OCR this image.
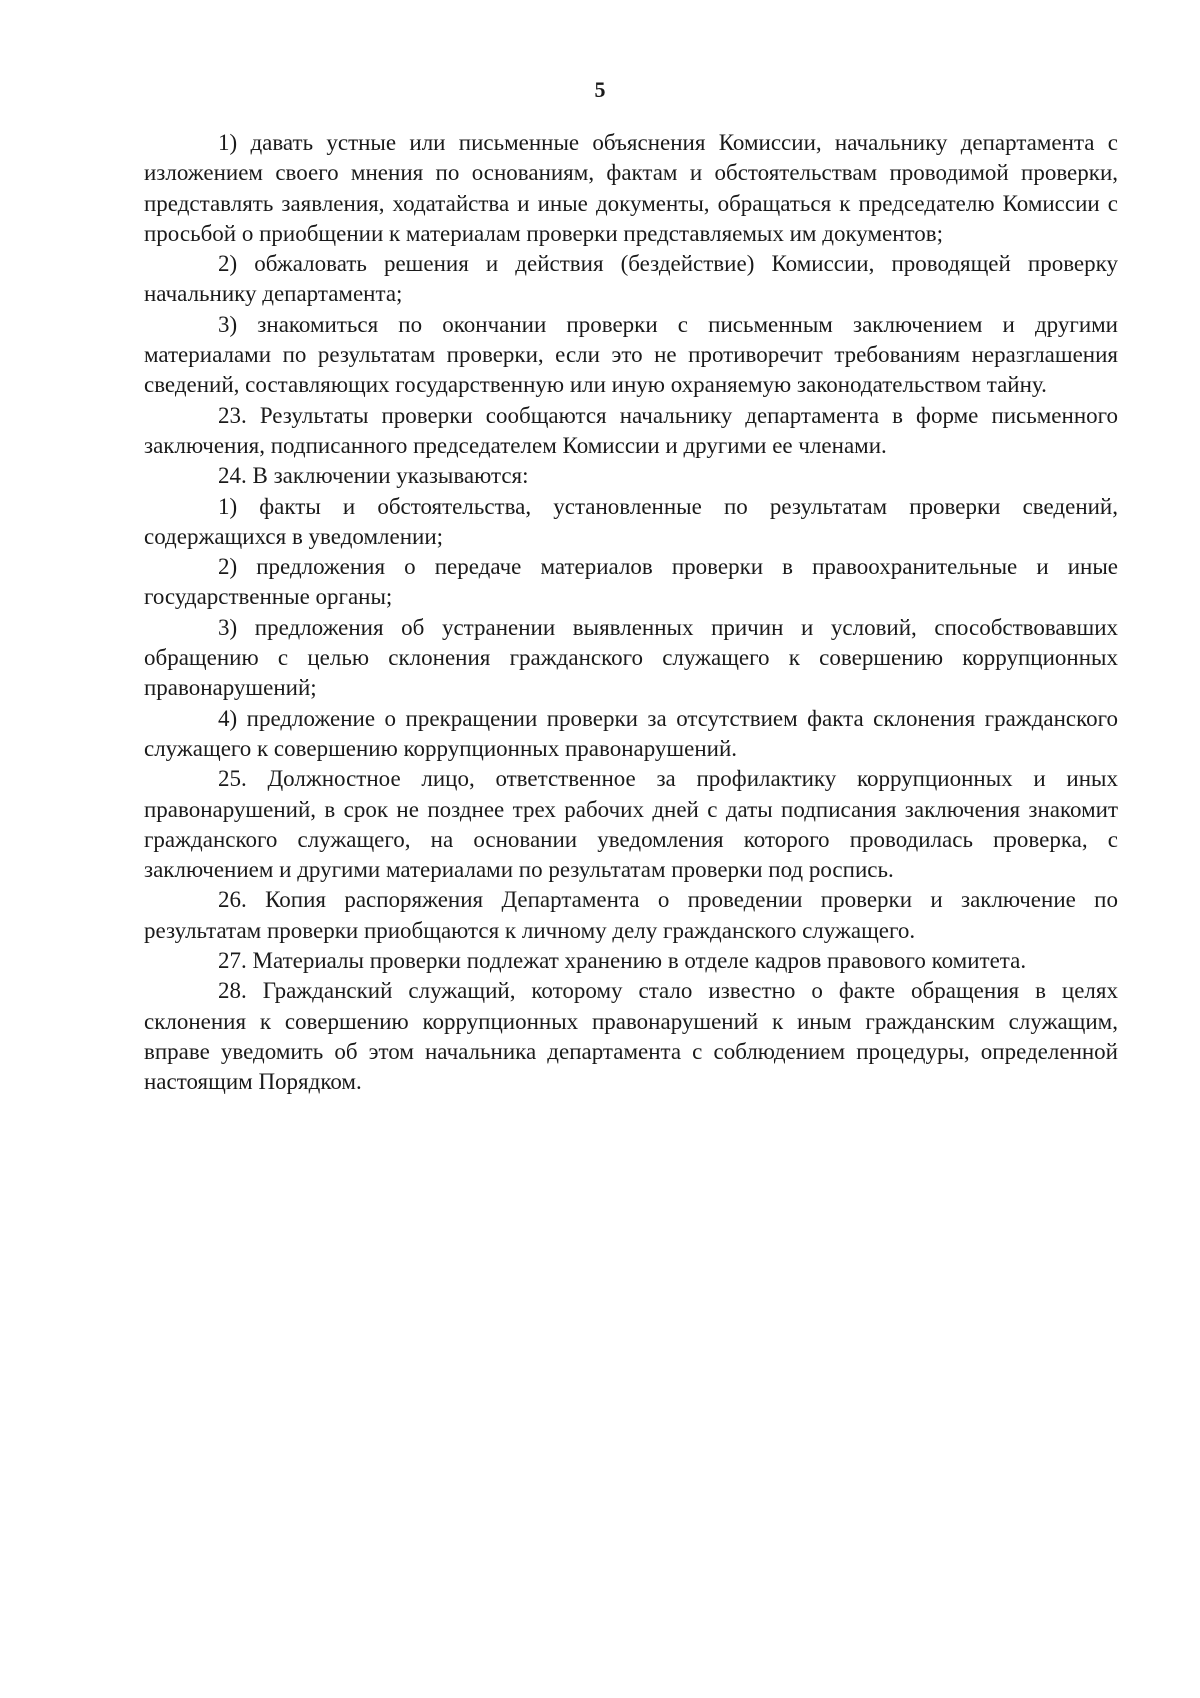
5

1) давать устные или письменные объяснения Комиссии, начальнику департамента с изложением своего мнения по основаниям, фактам и обстоятельствам проводимой проверки, представлять заявления, ходатайства и иные документы, обращаться к председателю Комиссии с просьбой о приобщении к материалам проверки представляемых им документов;

2) обжаловать решения и действия (бездействие) Комиссии, проводящей проверку начальнику департамента;

3) знакомиться по окончании проверки с письменным заключением и другими материалами по результатам проверки, если это не противоречит требованиям неразглашения сведений, составляющих государственную или иную охраняемую законодательством тайну.

23. Результаты проверки сообщаются начальнику департамента в форме письменного заключения, подписанного председателем Комиссии и другими ее членами.

24. В заключении указываются:

1) факты и обстоятельства, установленные по результатам проверки сведений, содержащихся в уведомлении;

2) предложения о передаче материалов проверки в правоохранительные и иные государственные органы;

3) предложения об устранении выявленных причин и условий, способствовавших обращению с целью склонения гражданского служащего к совершению коррупционных правонарушений;

4) предложение о прекращении проверки за отсутствием факта склонения гражданского служащего к совершению коррупционных правонарушений.

25. Должностное лицо, ответственное за профилактику коррупционных и иных правонарушений, в срок не позднее трех рабочих дней с даты подписания заключения знакомит гражданского служащего, на основании уведомления которого проводилась проверка, с заключением и другими материалами по результатам проверки под роспись.

26. Копия распоряжения Департамента о проведении проверки и заключение по результатам проверки приобщаются к личному делу гражданского служащего.

27. Материалы проверки подлежат хранению в отделе кадров правового комитета.

28. Гражданский служащий, которому стало известно о факте обращения в целях склонения к совершению коррупционных правонарушений к иным гражданским служащим, вправе уведомить об этом начальника департамента с соблюдением процедуры, определенной настоящим Порядком.
